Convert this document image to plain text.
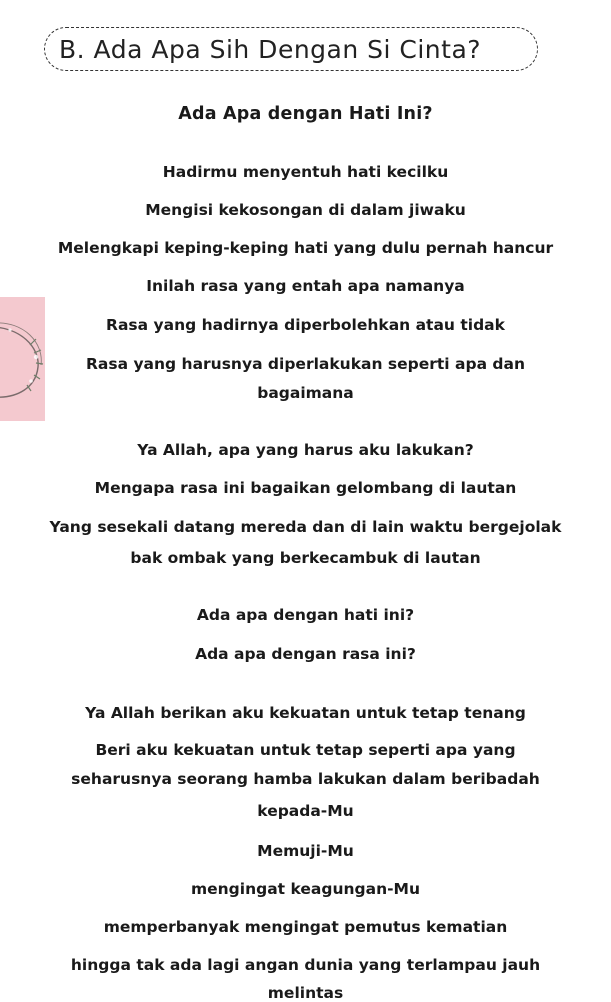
B. Ada Apa Sih Dengan Si Cinta?
Ada Apa dengan Hati Ini?
Hadirmu menyentuh hati kecilku
Mengisi kekosongan di dalam jiwaku
Melengkapi keping-keping hati yang dulu pernah hancur
Inilah rasa yang entah apa namanya
Rasa yang hadirnya diperbolehkan atau tidak
Rasa yang harusnya diperlakukan seperti apa dan
bagaimana
Ya Allah, apa yang harus aku lakukan?
Mengapa rasa ini bagaikan gelombang di lautan
Yang sesekali datang mereda dan di lain waktu bergejolak
bak ombak yang berkecambuk di lautan
Ada apa dengan hati ini?
Ada apa dengan rasa ini?
Ya Allah berikan aku kekuatan untuk tetap tenang
Beri aku kekuatan untuk tetap seperti apa yang
seharusnya seorang hamba lakukan dalam beribadah
kepada-Mu
Memuji-Mu
mengingat keagungan-Mu
memperbanyak mengingat pemutus kematian
hingga tak ada lagi angan dunia yang terlampau jauh
melintas
